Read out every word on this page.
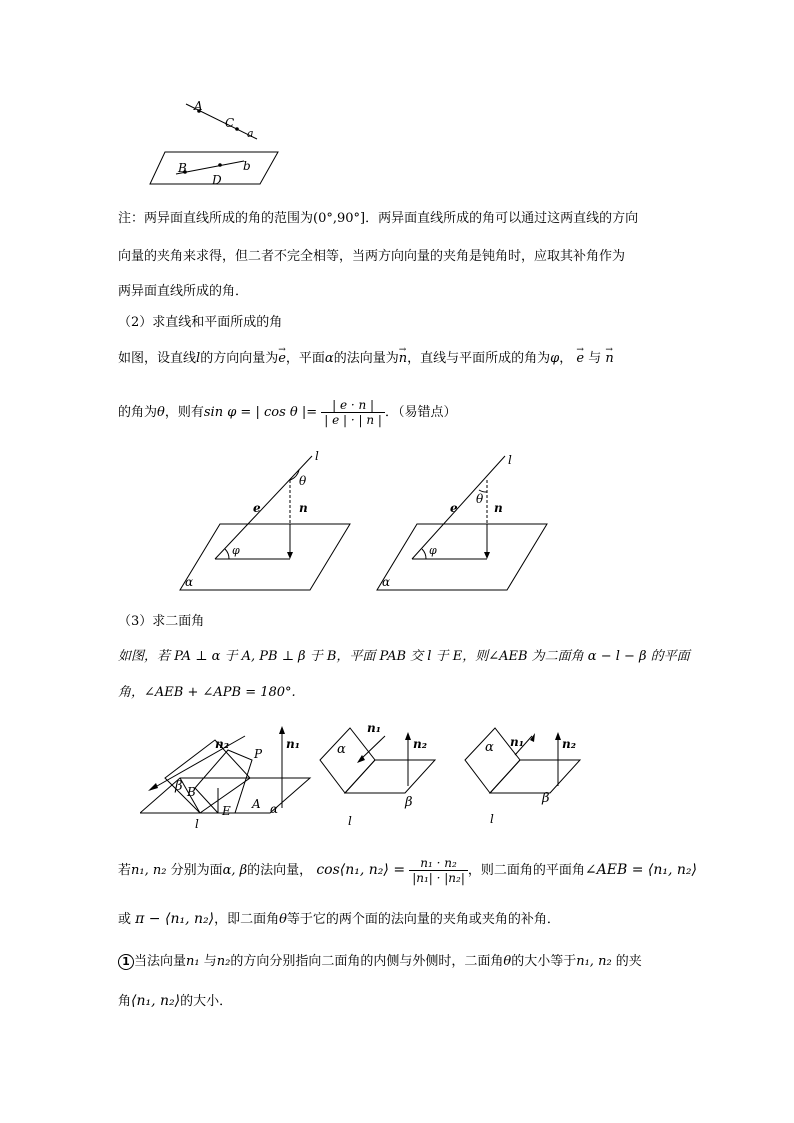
A
C
a
B
D
b
注：两异面直线所成的角的范围为(0°,90°]．两异面直线所成的角可以通过这两直线的方向
向量的夹角来求得，但二者不完全相等，当两方向向量的夹角是钝角时，应取其补角作为
两异面直线所成的角．
（2）求直线和平面所成的角
如图，设直线l的方向向量为→ e，平面α的法向量为→ n，直线与平面所成的角为φ， → e 与 → n
的角为θ，则有sin φ = | cos θ |= $\frac{| e \cdot n |}{| e | \cdot | n |}$ ．（易错点）
l
θ
e	n
φ
α
l
θ
e	n
φ
α
（3）求二面角
如图，若 PA ⊥ α 于 A, PB ⊥ β 于 B，平面 PAB 交 l 于 E，则∠AEB 为二面角 α − l − β 的平面
角，∠AEB + ∠APB = 180°.
n₂	n₁
P
β B
E A α
l
n₁
n₂
α
β
l
n₁	n₂
α
β
l
若n₁, n₂ 分别为面α, β的法向量， cos⟨n₁, n₂⟩ = $\frac{\text{n₁ · n₂}}{\text{|n₁| · |n₂|}}$ ，则二面角的平面角∠AEB = ⟨n₁, n₂⟩
或 π − ⟨n₁, n₂⟩，即二面角θ等于它的两个面的法向量的夹角或夹角的补角．
1 当法向量n₁ 与n₂的方向分别指向二面角的内侧与外侧时，二面角θ的大小等于n₁, n₂ 的夹
角⟨n₁, n₂⟩的大小．
